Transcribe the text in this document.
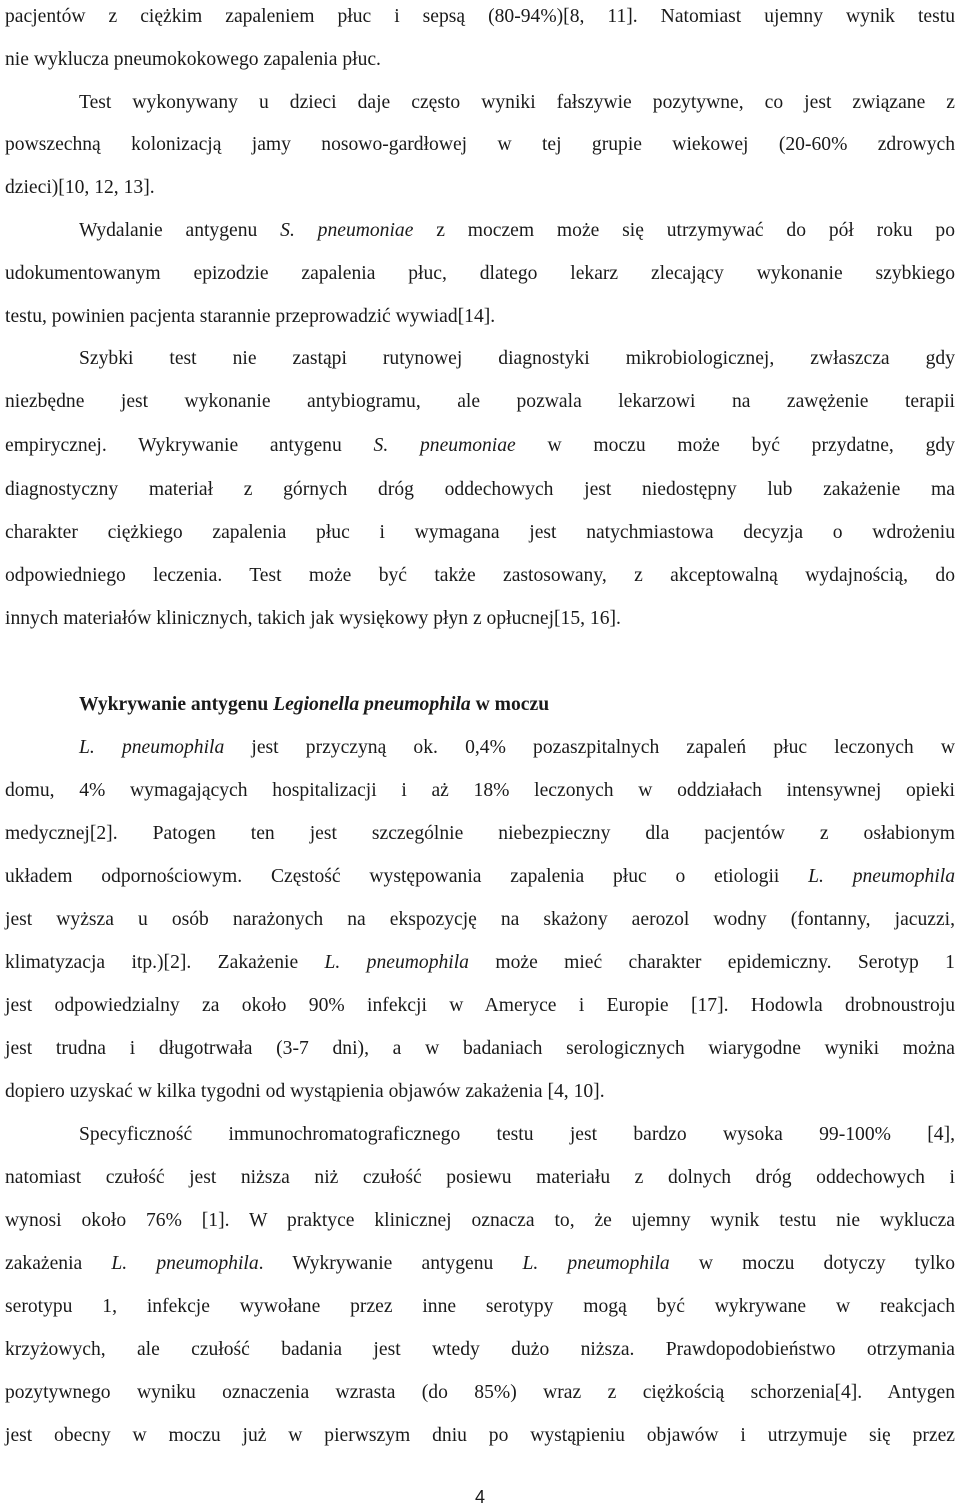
pacjentów z ciężkim zapaleniem płuc i sepsą (80-94%)[8, 11]. Natomiast ujemny wynik testu
nie wyklucza pneumokokowego zapalenia płuc.
Test wykonywany u dzieci daje często wyniki fałszywie pozytywne, co jest związane z
powszechną kolonizacją jamy nosowo-gardłowej w tej grupie wiekowej (20-60% zdrowych
dzieci)[10, 12, 13].
Wydalanie antygenu S. pneumoniae z moczem może się utrzymywać do pół roku po
udokumentowanym epizodzie zapalenia płuc, dlatego lekarz zlecający wykonanie szybkiego
testu, powinien pacjenta starannie przeprowadzić wywiad[14].
Szybki test nie zastąpi rutynowej diagnostyki mikrobiologicznej, zwłaszcza gdy
niezbędne jest wykonanie antybiogramu, ale pozwala lekarzowi na zawężenie terapii
empirycznej. Wykrywanie antygenu S. pneumoniae w moczu może być przydatne, gdy
diagnostyczny materiał z górnych dróg oddechowych jest niedostępny lub zakażenie ma
charakter ciężkiego zapalenia płuc i wymagana jest natychmiastowa decyzja o wdrożeniu
odpowiedniego leczenia. Test może być także zastosowany, z akceptowalną wydajnością, do
innych materiałów klinicznych, takich jak wysiękowy płyn z opłucnej[15, 16].
Wykrywanie antygenu Legionella pneumophila w moczu
L. pneumophila jest przyczyną ok. 0,4% pozaszpitalnych zapaleń płuc leczonych w
domu, 4% wymagających hospitalizacji i aż 18% leczonych w oddziałach intensywnej opieki
medycznej[2]. Patogen ten jest szczególnie niebezpieczny dla pacjentów z osłabionym
układem odpornościowym. Częstość występowania zapalenia płuc o etiologii L. pneumophila
jest wyższa u osób narażonych na ekspozycję na skażony aerozol wodny (fontanny, jacuzzi,
klimatyzacja itp.)[2]. Zakażenie L. pneumophila może mieć charakter epidemiczny. Serotyp 1
jest odpowiedzialny za około 90% infekcji w Ameryce i Europie [17]. Hodowla drobnoustroju
jest trudna i długotrwała (3-7 dni), a w badaniach serologicznych wiarygodne wyniki można
dopiero uzyskać w kilka tygodni od wystąpienia objawów zakażenia [4, 10].
Specyficzność immunochromatograficznego testu jest bardzo wysoka 99-100% [4],
natomiast czułość jest niższa niż czułość posiewu materiału z dolnych dróg oddechowych i
wynosi około 76% [1]. W praktyce klinicznej oznacza to, że ujemny wynik testu nie wyklucza
zakażenia L. pneumophila. Wykrywanie antygenu L. pneumophila w moczu dotyczy tylko
serotypu 1, infekcje wywołane przez inne serotypy mogą być wykrywane w reakcjach
krzyżowych, ale czułość badania jest wtedy dużo niższa. Prawdopodobieństwo otrzymania
pozytywnego wyniku oznaczenia wzrasta (do 85%) wraz z ciężkością schorzenia[4]. Antygen
jest obecny w moczu już w pierwszym dniu po wystąpieniu objawów i utrzymuje się przez
4
